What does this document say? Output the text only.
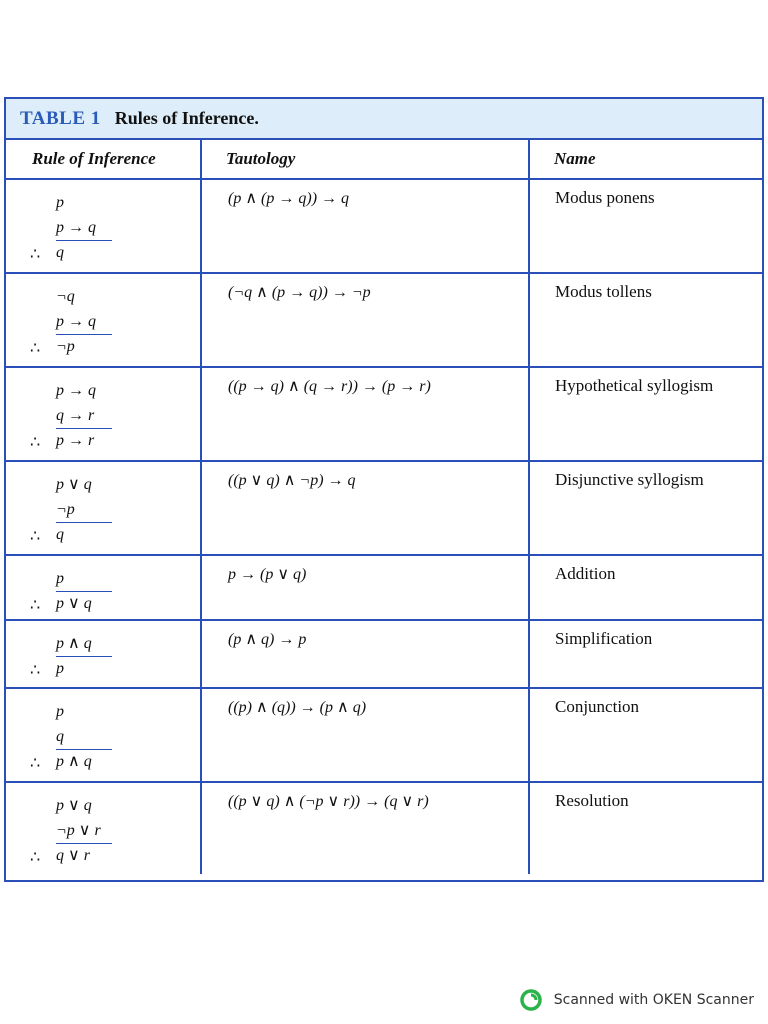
TABLE 1 Rules of Inference.
Rule of Inference	Tautology	Name

p
p → q
∴ q	(p ∧ (p → q)) → q	Modus ponens

¬q
p → q
∴ ¬p	(¬q ∧ (p → q)) → ¬p	Modus tollens

p → q
q → r
∴ p → r	((p → q) ∧ (q → r)) → (p → r)	Hypothetical syllogism

p ∨ q
¬p
∴ q	((p ∨ q) ∧ ¬p) → q	Disjunctive syllogism

p
∴ p ∨ q	p → (p ∨ q)	Addition

p ∧ q
∴ p	(p ∧ q) → p	Simplification

p
q
∴ p ∧ q	((p) ∧ (q)) → (p ∧ q)	Conjunction

p ∨ q
¬p ∨ r
∴ q ∨ r	((p ∨ q) ∧ (¬p ∨ r)) → (q ∨ r)	Resolution
Scanned with OKEN Scanner
